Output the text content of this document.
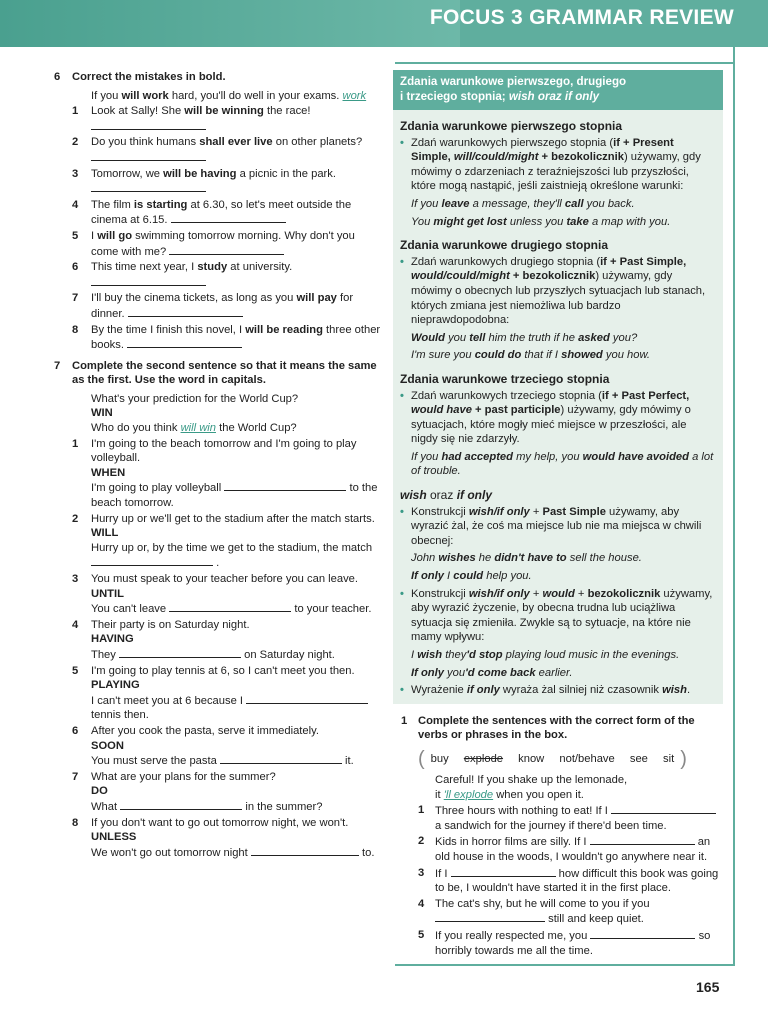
FOCUS 3 GRAMMAR REVIEW
6 Correct the mistakes in bold.
If you will work hard, you'll do well in your exams. work
1 Look at Sally! She will be winning the race!

2 Do you think humans shall ever live on other planets?
3 Tomorrow, we will be having a picnic in the park.

4 The film is starting at 6.30, so let's meet outside the cinema at 6.15.
5 I will go swimming tomorrow morning. Why don't you come with me?
6 This time next year, I study at university.

7 I'll buy the cinema tickets, as long as you will pay for dinner.
8 By the time I finish this novel, I will be reading three other books.
7	Complete the second sentence so that it means the same as the first. Use the word in capitals.
What's your prediction for the World Cup?
WIN
Who do you think will win the World Cup?
1 I'm going to the beach tomorrow and I'm going to play volleyball.
WHEN
I'm going to play volleyball	to the beach tomorrow.
2 Hurry up or we'll get to the stadium after the match starts.
WILL
Hurry up or, by the time we get to the stadium, the match  .
3 You must speak to your teacher before you can leave.
UNTIL
You can't leave	to your teacher.
4 Their party is on Saturday night.
HAVING
They	on Saturday night.
5 I'm going to play tennis at 6, so I can't meet you then.
PLAYING
I can't meet you at 6 because I  tennis then.
6 After you cook the pasta, serve it immediately.
SOON
You must serve the pasta	it.
7 What are your plans for the summer?
DO
What	in the summer?
8 If you don't want to go out tomorrow night, we won't.
UNLESS
We won't go out tomorrow night	to.
Zdania warunkowe pierwszego, drugiego
i trzeciego stopnia; wish oraz if only
Zdania warunkowe pierwszego stopnia
• Zdań warunkowych pierwszego stopnia (if + Present Simple, will/could/might + bezokolicznik) używamy, gdy mówimy o zdarzeniach z teraźniejszości lub przyszłości, które mogą nastąpić, jeśli zaistnieją określone warunki:
If you leave a message, they'll call you back.
You might get lost unless you take a map with you.
Zdania warunkowe drugiego stopnia
• Zdań warunkowych drugiego stopnia (if + Past Simple, would/could/might + bezokolicznik) używamy, gdy mówimy o obecnych lub przyszłych sytuacjach lub stanach, których zmiana jest niemożliwa lub bardzo nieprawdopodobna:
Would you tell him the truth if he asked you?
I'm sure you could do that if I showed you how.
Zdania warunkowe trzeciego stopnia
• Zdań warunkowych trzeciego stopnia (if + Past Perfect, would have + past participle) używamy, gdy mówimy o sytuacjach, które mogły mieć miejsce w przeszłości, ale nigdy się nie zdarzyły.
If you had accepted my help, you would have avoided a lot of trouble.
wish oraz if only
• Konstrukcji wish/if only + Past Simple używamy, aby wyrazić żal, że coś ma miejsce lub nie ma miejsca w chwili obecnej:
John wishes he didn't have to sell the house.
If only I could help you.
• Konstrukcji wish/if only + would + bezokolicznik używamy, aby wyrazić życzenie, by obecna trudna lub uciążliwa sytuacja się zmieniła. Zwykle są to sytuacje, na które nie mamy wpływu:
I wish they'd stop playing loud music in the evenings.
If only you'd come back earlier.
• Wyrażenie if only wyraża żal silniej niż czasownik wish.
1 Complete the sentences with the correct form of the verbs or phrases in the box.
( buy explode know not/behave see sit )
Careful! If you shake up the lemonade,
it 'll explode when you open it.
1 Three hours with nothing to eat! If I  a sandwich for the journey if there'd been time.
2 Kids in horror films are silly. If I	an old house in the woods, I wouldn't go anywhere near it.
3 If I	how difficult this book was going to be, I wouldn't have started it in the first place.
4 The cat's shy, but he will come to you if you  still and keep quiet.
5 If you really respected me, you	so horribly towards me all the time.
165
